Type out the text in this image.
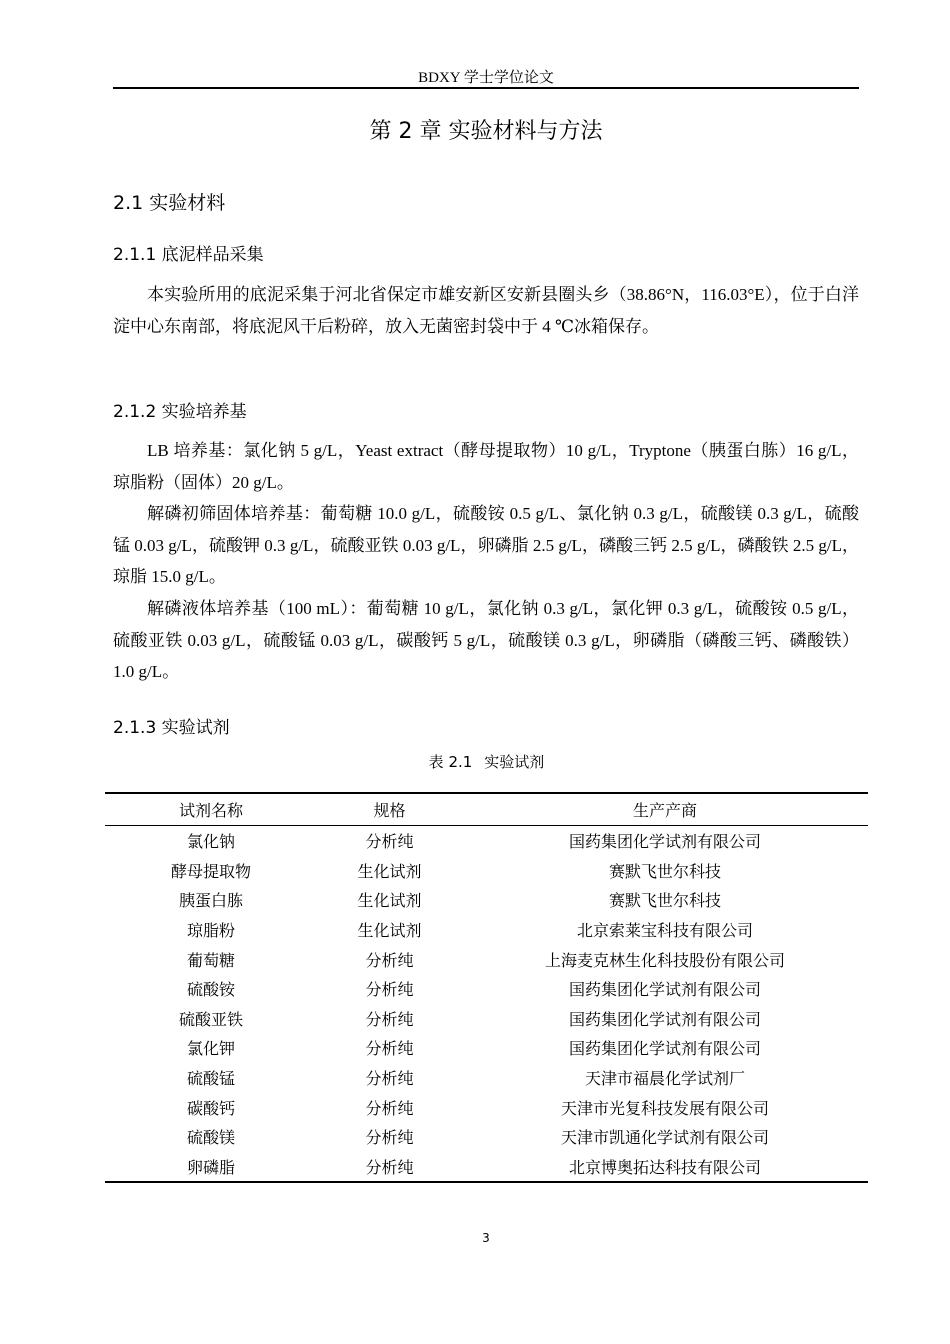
BDXY 学士学位论文
第 2 章 实验材料与方法
2.1 实验材料
2.1.1 底泥样品采集

本实验所用的底泥采集于河北省保定市雄安新区安新县圈头乡（38.86°N，116.03°E），位于白洋淀中心东南部，将底泥风干后粉碎，放入无菌密封袋中于 4 ℃冰箱保存。

2.1.2 实验培养基

LB 培养基：氯化钠 5 g/L，Yeast extract（酵母提取物）10 g/L，Tryptone（胰蛋白胨）16 g/L，琼脂粉（固体）20 g/L。

解磷初筛固体培养基：葡萄糖 10.0 g/L，硫酸铵 0.5 g/L、氯化钠 0.3 g/L，硫酸镁 0.3 g/L，硫酸锰 0.03 g/L，硫酸钾 0.3 g/L，硫酸亚铁 0.03 g/L，卵磷脂 2.5 g/L，磷酸三钙 2.5 g/L，磷酸铁 2.5 g/L，琼脂 15.0 g/L。

解磷液体培养基（100 mL）：葡萄糖 10 g/L，氯化钠 0.3 g/L，氯化钾 0.3 g/L，硫酸铵 0.5 g/L，硫酸亚铁 0.03 g/L，硫酸锰 0.03 g/L，碳酸钙 5 g/L，硫酸镁 0.3 g/L，卵磷脂（磷酸三钙、磷酸铁）1.0 g/L。

2.1.3 实验试剂
表 2.1 实验试剂
试剂名称	规格	生产产商
氯化钠	分析纯	国药集团化学试剂有限公司
酵母提取物	生化试剂	赛默飞世尔科技
胰蛋白胨	生化试剂	赛默飞世尔科技
琼脂粉	生化试剂	北京索莱宝科技有限公司
葡萄糖	分析纯	上海麦克林生化科技股份有限公司
硫酸铵	分析纯	国药集团化学试剂有限公司
硫酸亚铁	分析纯	国药集团化学试剂有限公司
氯化钾	分析纯	国药集团化学试剂有限公司
硫酸锰	分析纯	天津市福晨化学试剂厂
碳酸钙	分析纯	天津市光复科技发展有限公司
硫酸镁	分析纯	天津市凯通化学试剂有限公司
卵磷脂	分析纯	北京博奥拓达科技有限公司
3
